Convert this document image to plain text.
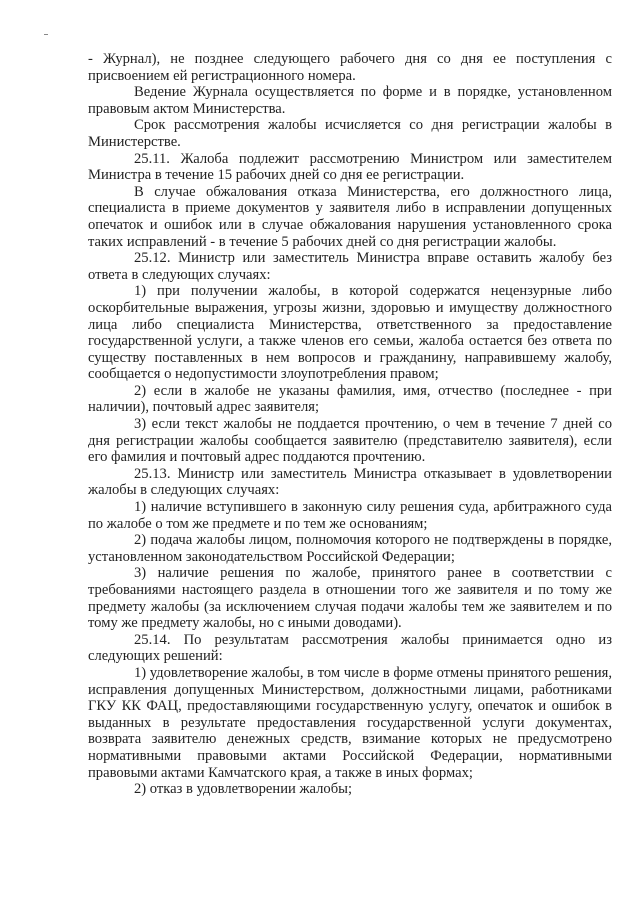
- Журнал), не позднее следующего рабочего дня со дня ее поступления с присвоением ей регистрационного номера.

Ведение Журнала осуществляется по форме и в порядке, установленном правовым актом Министерства.

Срок рассмотрения жалобы исчисляется со дня регистрации жалобы в Министерстве.

25.11. Жалоба подлежит рассмотрению Министром или заместителем Министра в течение 15 рабочих дней со дня ее регистрации.

В случае обжалования отказа Министерства, его должностного лица, специалиста в приеме документов у заявителя либо в исправлении допущенных опечаток и ошибок или в случае обжалования нарушения установленного срока таких исправлений - в течение 5 рабочих дней со дня регистрации жалобы.

25.12. Министр или заместитель Министра вправе оставить жалобу без ответа в следующих случаях:

1) при получении жалобы, в которой содержатся нецензурные либо оскорбительные выражения, угрозы жизни, здоровью и имуществу должностного лица либо специалиста Министерства, ответственного за предоставление государственной услуги, а также членов его семьи, жалоба остается без ответа по существу поставленных в нем вопросов и гражданину, направившему жалобу, сообщается о недопустимости злоупотребления правом;

2) если в жалобе не указаны фамилия, имя, отчество (последнее - при наличии), почтовый адрес заявителя;

3) если текст жалобы не поддается прочтению, о чем в течение 7 дней со дня регистрации жалобы сообщается заявителю (представителю заявителя), если его фамилия и почтовый адрес поддаются прочтению.

25.13. Министр или заместитель Министра отказывает в удовлетворении жалобы в следующих случаях:

1) наличие вступившего в законную силу решения суда, арбитражного суда по жалобе о том же предмете и по тем же основаниям;

2) подача жалобы лицом, полномочия которого не подтверждены в порядке, установленном законодательством Российской Федерации;

3) наличие решения по жалобе, принятого ранее в соответствии с требованиями настоящего раздела в отношении того же заявителя и по тому же предмету жалобы (за исключением случая подачи жалобы тем же заявителем и по тому же предмету жалобы, но с иными доводами).

25.14. По результатам рассмотрения жалобы принимается одно из следующих решений:

1) удовлетворение жалобы, в том числе в форме отмены принятого решения, исправления допущенных Министерством, должностными лицами, работниками ГКУ КК ФАЦ, предоставляющими государственную услугу, опечаток и ошибок в выданных в результате предоставления государственной услуги документах, возврата заявителю денежных средств, взимание которых не предусмотрено нормативными правовыми актами Российской Федерации, нормативными правовыми актами Камчатского края, а также в иных формах;

2) отказ в удовлетворении жалобы;
